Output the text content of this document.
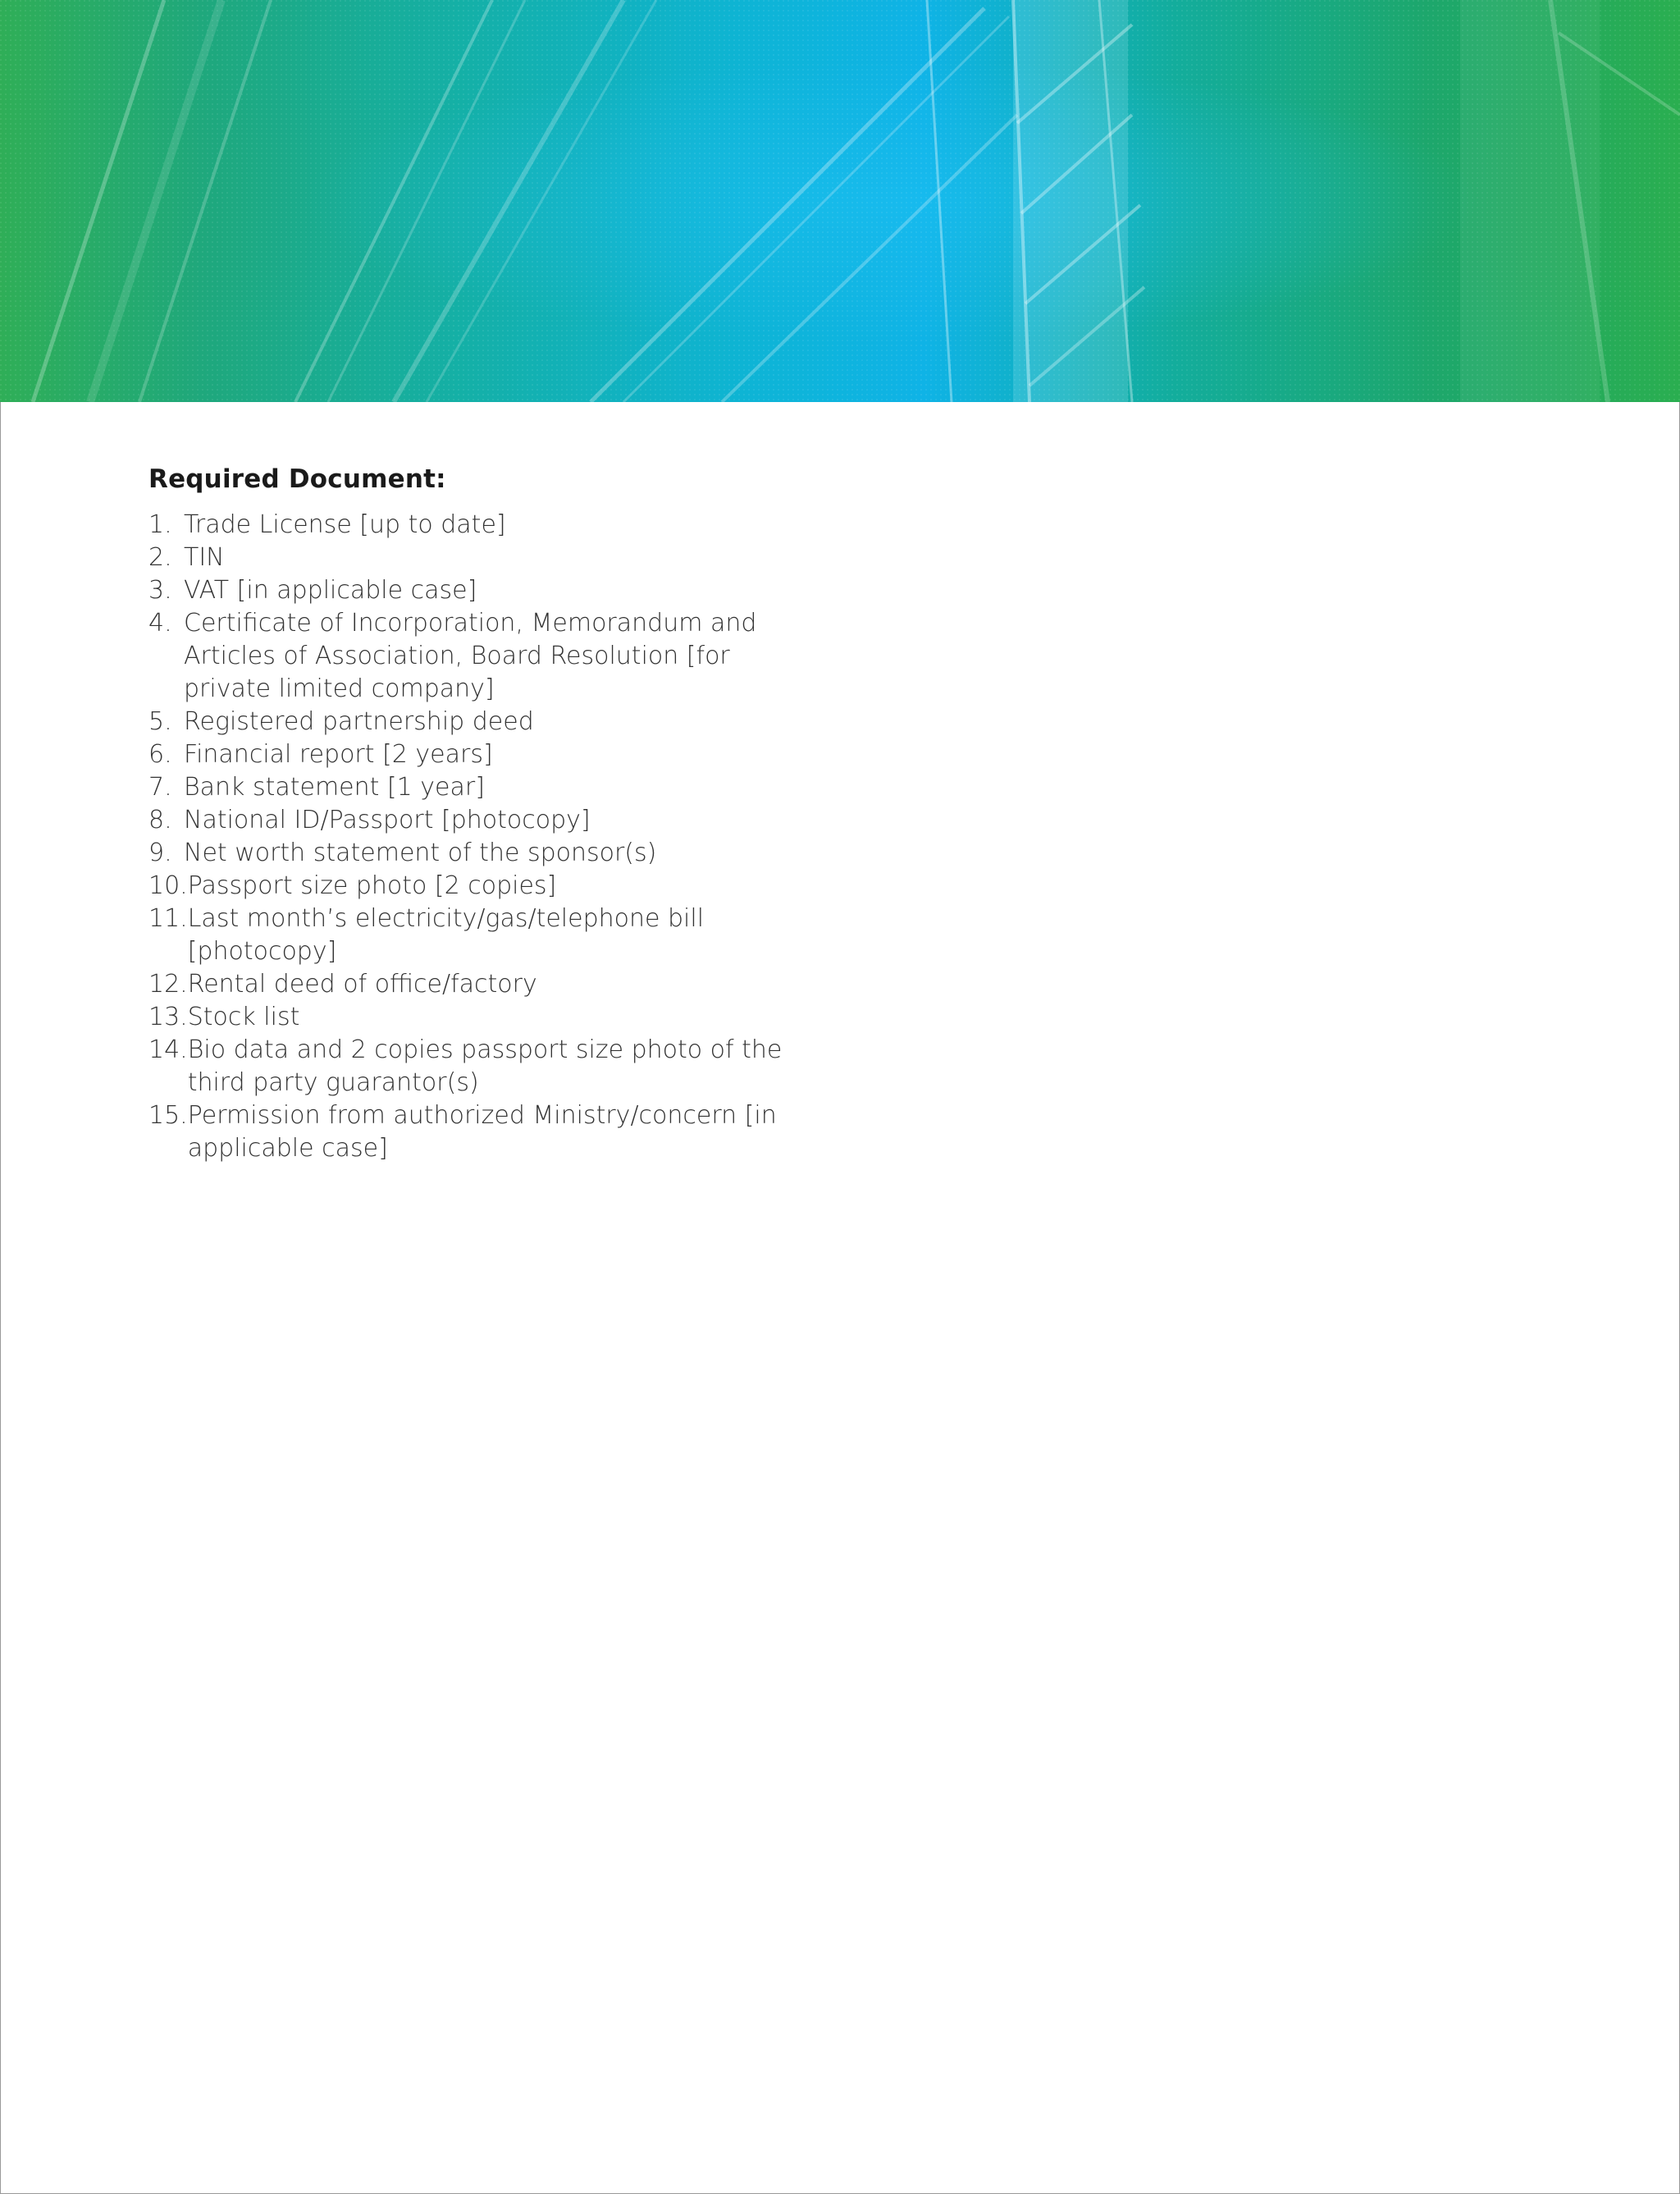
Required Document:
1. Trade License [up to date]
2. TIN
3. VAT [in applicable case]
4. Certificate of Incorporation, Memorandum and Articles of Association, Board Resolution [for private limited company]
5. Registered partnership deed
6. Financial report [2 years]
7. Bank statement [1 year]
8. National ID/Passport [photocopy]
9. Net worth statement of the sponsor(s)
10. Passport size photo [2 copies]
11. Last month’s electricity/gas/telephone bill [photocopy]
12. Rental deed of office/factory
13. Stock list
14. Bio data and 2 copies passport size photo of the third party guarantor(s)
15. Permission from authorized Ministry/concern [in applicable case]
